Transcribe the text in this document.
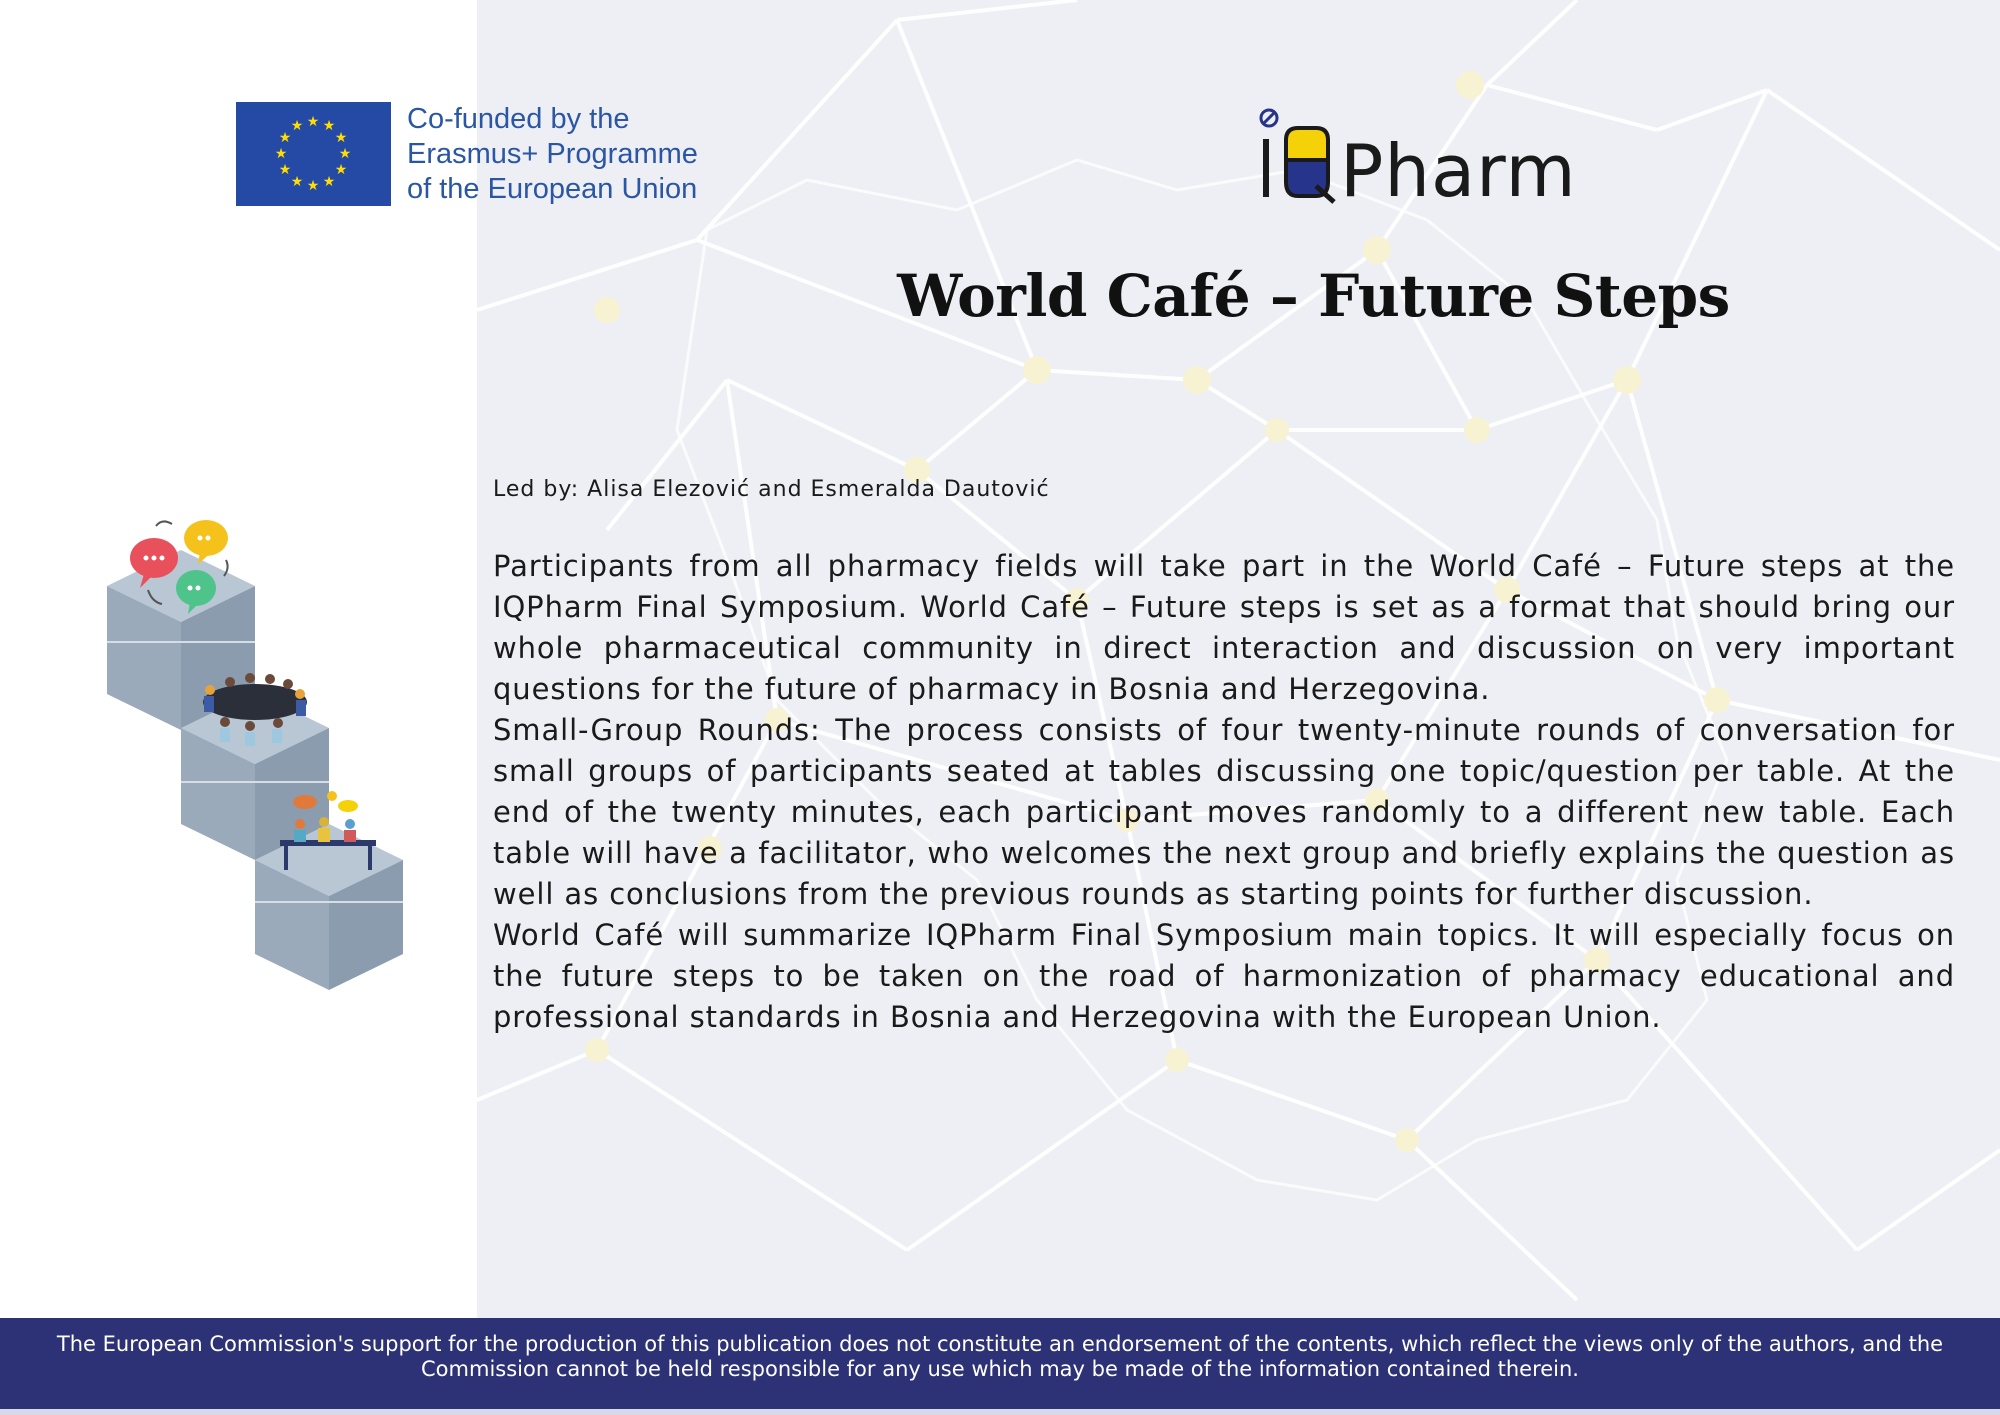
★ ★
★
★
★
★
★
★
★
★
★
★	Co-funded by the
Erasmus+ Programme
of the European Union	Pharm
World Café – Future Steps
Led by: Alisa Elezović and Esmeralda Dautović

Participants from all pharmacy fields will take part in the World Café – Future steps at the IQPharm Final Symposium. World Café – Future steps is set as a format that should bring our whole pharmaceutical community in direct interaction and discussion on very important questions for the future of pharmacy in Bosnia and Herzegovina.

Small-Group Rounds: The process consists of four twenty-minute rounds of conversation for small groups of participants seated at tables discussing one topic/question per table. At the end of the twenty minutes, each participant moves randomly to a different new table. Each table will have a facilitator, who welcomes the next group and briefly explains the question as well as conclusions from the previous rounds as starting points for further discussion.

World Café will summarize IQPharm Final Symposium main topics. It will especially focus on the future steps to be taken on the road of harmonization of pharmacy educational and professional standards in Bosnia and Herzegovina with the European Union.

The European Commission's support for the production of this publication does not constitute an endorsement of the contents, which reflect the views only of the authors, and the Commission cannot be held responsible for any use which may be made of the information contained therein.
